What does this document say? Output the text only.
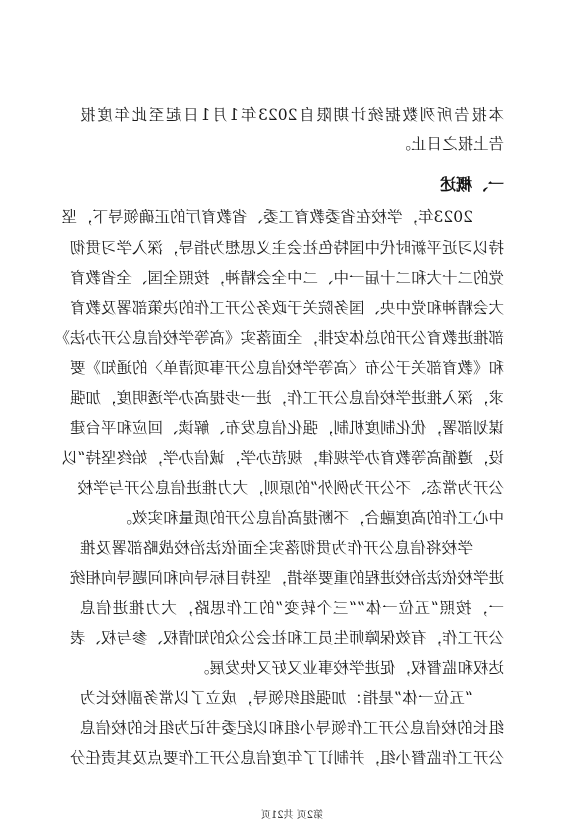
本报告所列数据统计期限自2023年1月1日起至此年度报
告上报之日止。
一、概述
2023年，学校在省委教育工委、省教育厅的正确领导下，坚
持以习近平新时代中国特色社会主义思想为指导，深入学习贯彻
党的二十大和二十届一中、二中全会精神，按照全国、全省教育
大会精神和党中央、国务院关于政务公开工作的决策部署及教育
部推进教育公开的总体安排，全面落实《高等学校信息公开办法》
和《教育部关于公布〈高等学校信息公开事项清单〉的通知》要
求，深入推进学校信息公开工作，进一步提高办学透明度，加强
谋划部署，优化制度机制，强化信息发布、解读、回应和平台建
设，遵循高等教育办学规律，规范办学，诚信办学，始终坚持“以
公开为常态、不公开为例外”的原则，大力推进信息公开与学校
中心工作的高度融合，不断提高信息公开的质量和实效。
学校将信息公开作为贯彻落实全面依法治校战略部署及推
进学校依法治校进程的重要举措，坚持目标导向和问题导向相统
一，按照“五位一体”“三个转变”的工作思路，大力推进信息
公开工作，有效保障师生员工和社会公众的知情权、参与权、表
达权和监督权，促进学校事业又好又快发展。
“五位一体”是指：加强组织领导，成立了以常务副校长为
组长的校信息公开工作领导小组和以纪委书记为组长的校信息
公开工作监督小组，并制订了年度信息公开工作要点及其责任分
第2页 共21页
